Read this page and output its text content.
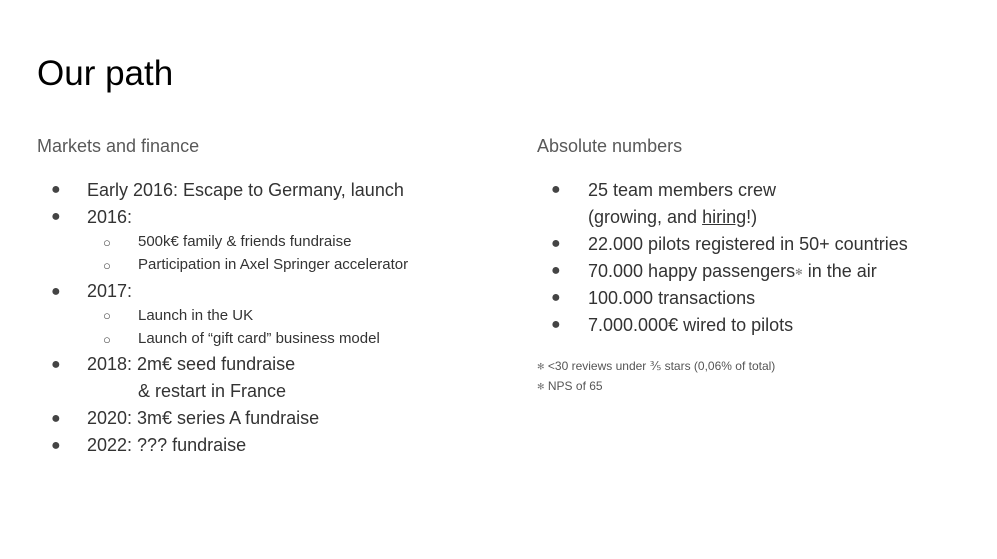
Our path
Markets and finance
● Early 2016: Escape to Germany, launch
● 2016:
○ 500k€ family & friends fundraise
○ Participation in Axel Springer accelerator
● 2017:
○ Launch in the UK
○ Launch of “gift card” business model
● 2018: 2m€ seed fundraise
& restart in France
● 2020: 3m€ series A fundraise
● 2022: ??? fundraise
Absolute numbers
● 25 team members crew
(growing, and hiring!)
● 22.000 pilots registered in 50+ countries
● 70.000 happy passengers✻ in the air
● 100.000 transactions
● 7.000.000€ wired to pilots
✻ <30 reviews under ⅗ stars (0,06% of total)
✻ NPS of 65
